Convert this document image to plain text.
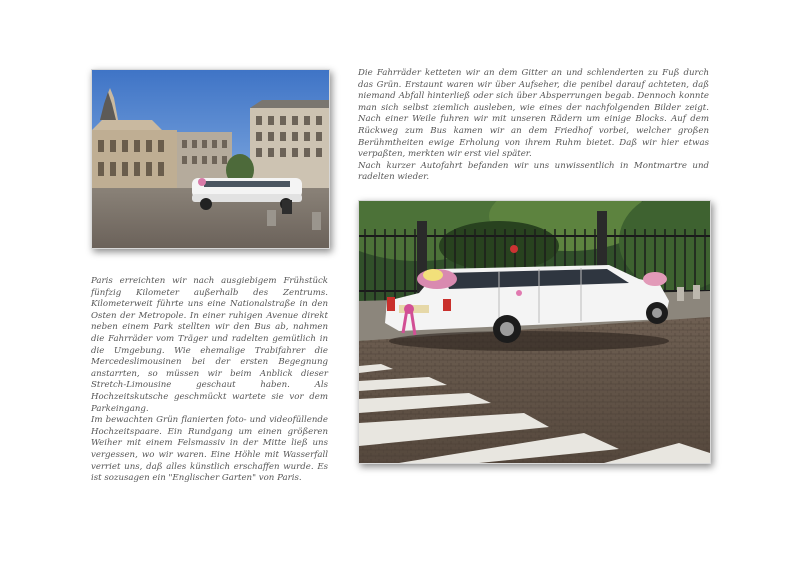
Die Fahrräder ketteten wir an dem Gitter an und schlenderten zu Fuß durch das Grün. Erstaunt waren wir über Aufseher, die penibel darauf achteten, daß niemand Abfall hinterließ oder sich über Absperrungen begab. Dennoch konnte man sich selbst ziemlich ausleben, wie eines der nachfolgenden Bilder zeigt. Nach einer Weile fuhren wir mit unseren Rädern um einige Blocks. Auf dem Rückweg zum Bus kamen wir an dem Friedhof vorbei, welcher großen Berühmtheiten ewige Erholung von ihrem Ruhm bietet. Daß wir hier etwas verpaßten, merkten wir erst viel später.

Nach kurzer Autofahrt befanden wir uns unwissentlich in Montmartre und radelten wieder.

Paris erreichten wir nach ausgiebigem Frühstück fünfzig Kilometer außerhalb des Zentrums. Kilometerweit führte uns eine Nationalstraße in den Osten der Metropole. In einer ruhigen Avenue direkt neben einem Park stellten wir den Bus ab, nahmen die Fahrräder vom Träger und radelten gemütlich in die Umgebung. Wie ehemalige Trabifahrer die Mercedeslimousinen bei der ersten Begegnung anstarrten, so müssen wir beim Anblick dieser Stretch-Limousine geschaut haben. Als Hochzeitskutsche geschmückt wartete sie vor dem Parkeingang.

Im bewachten Grün flanierten foto- und videofüllende Hochzeitspaare. Ein Rundgang um einen größeren Weiher mit einem Felsmassiv in der Mitte ließ uns vergessen, wo wir waren. Eine Höhle mit Wasserfall verriet uns, daß alles künstlich erschaffen wurde. Es ist sozusagen ein "Englischer Garten" von Paris.
